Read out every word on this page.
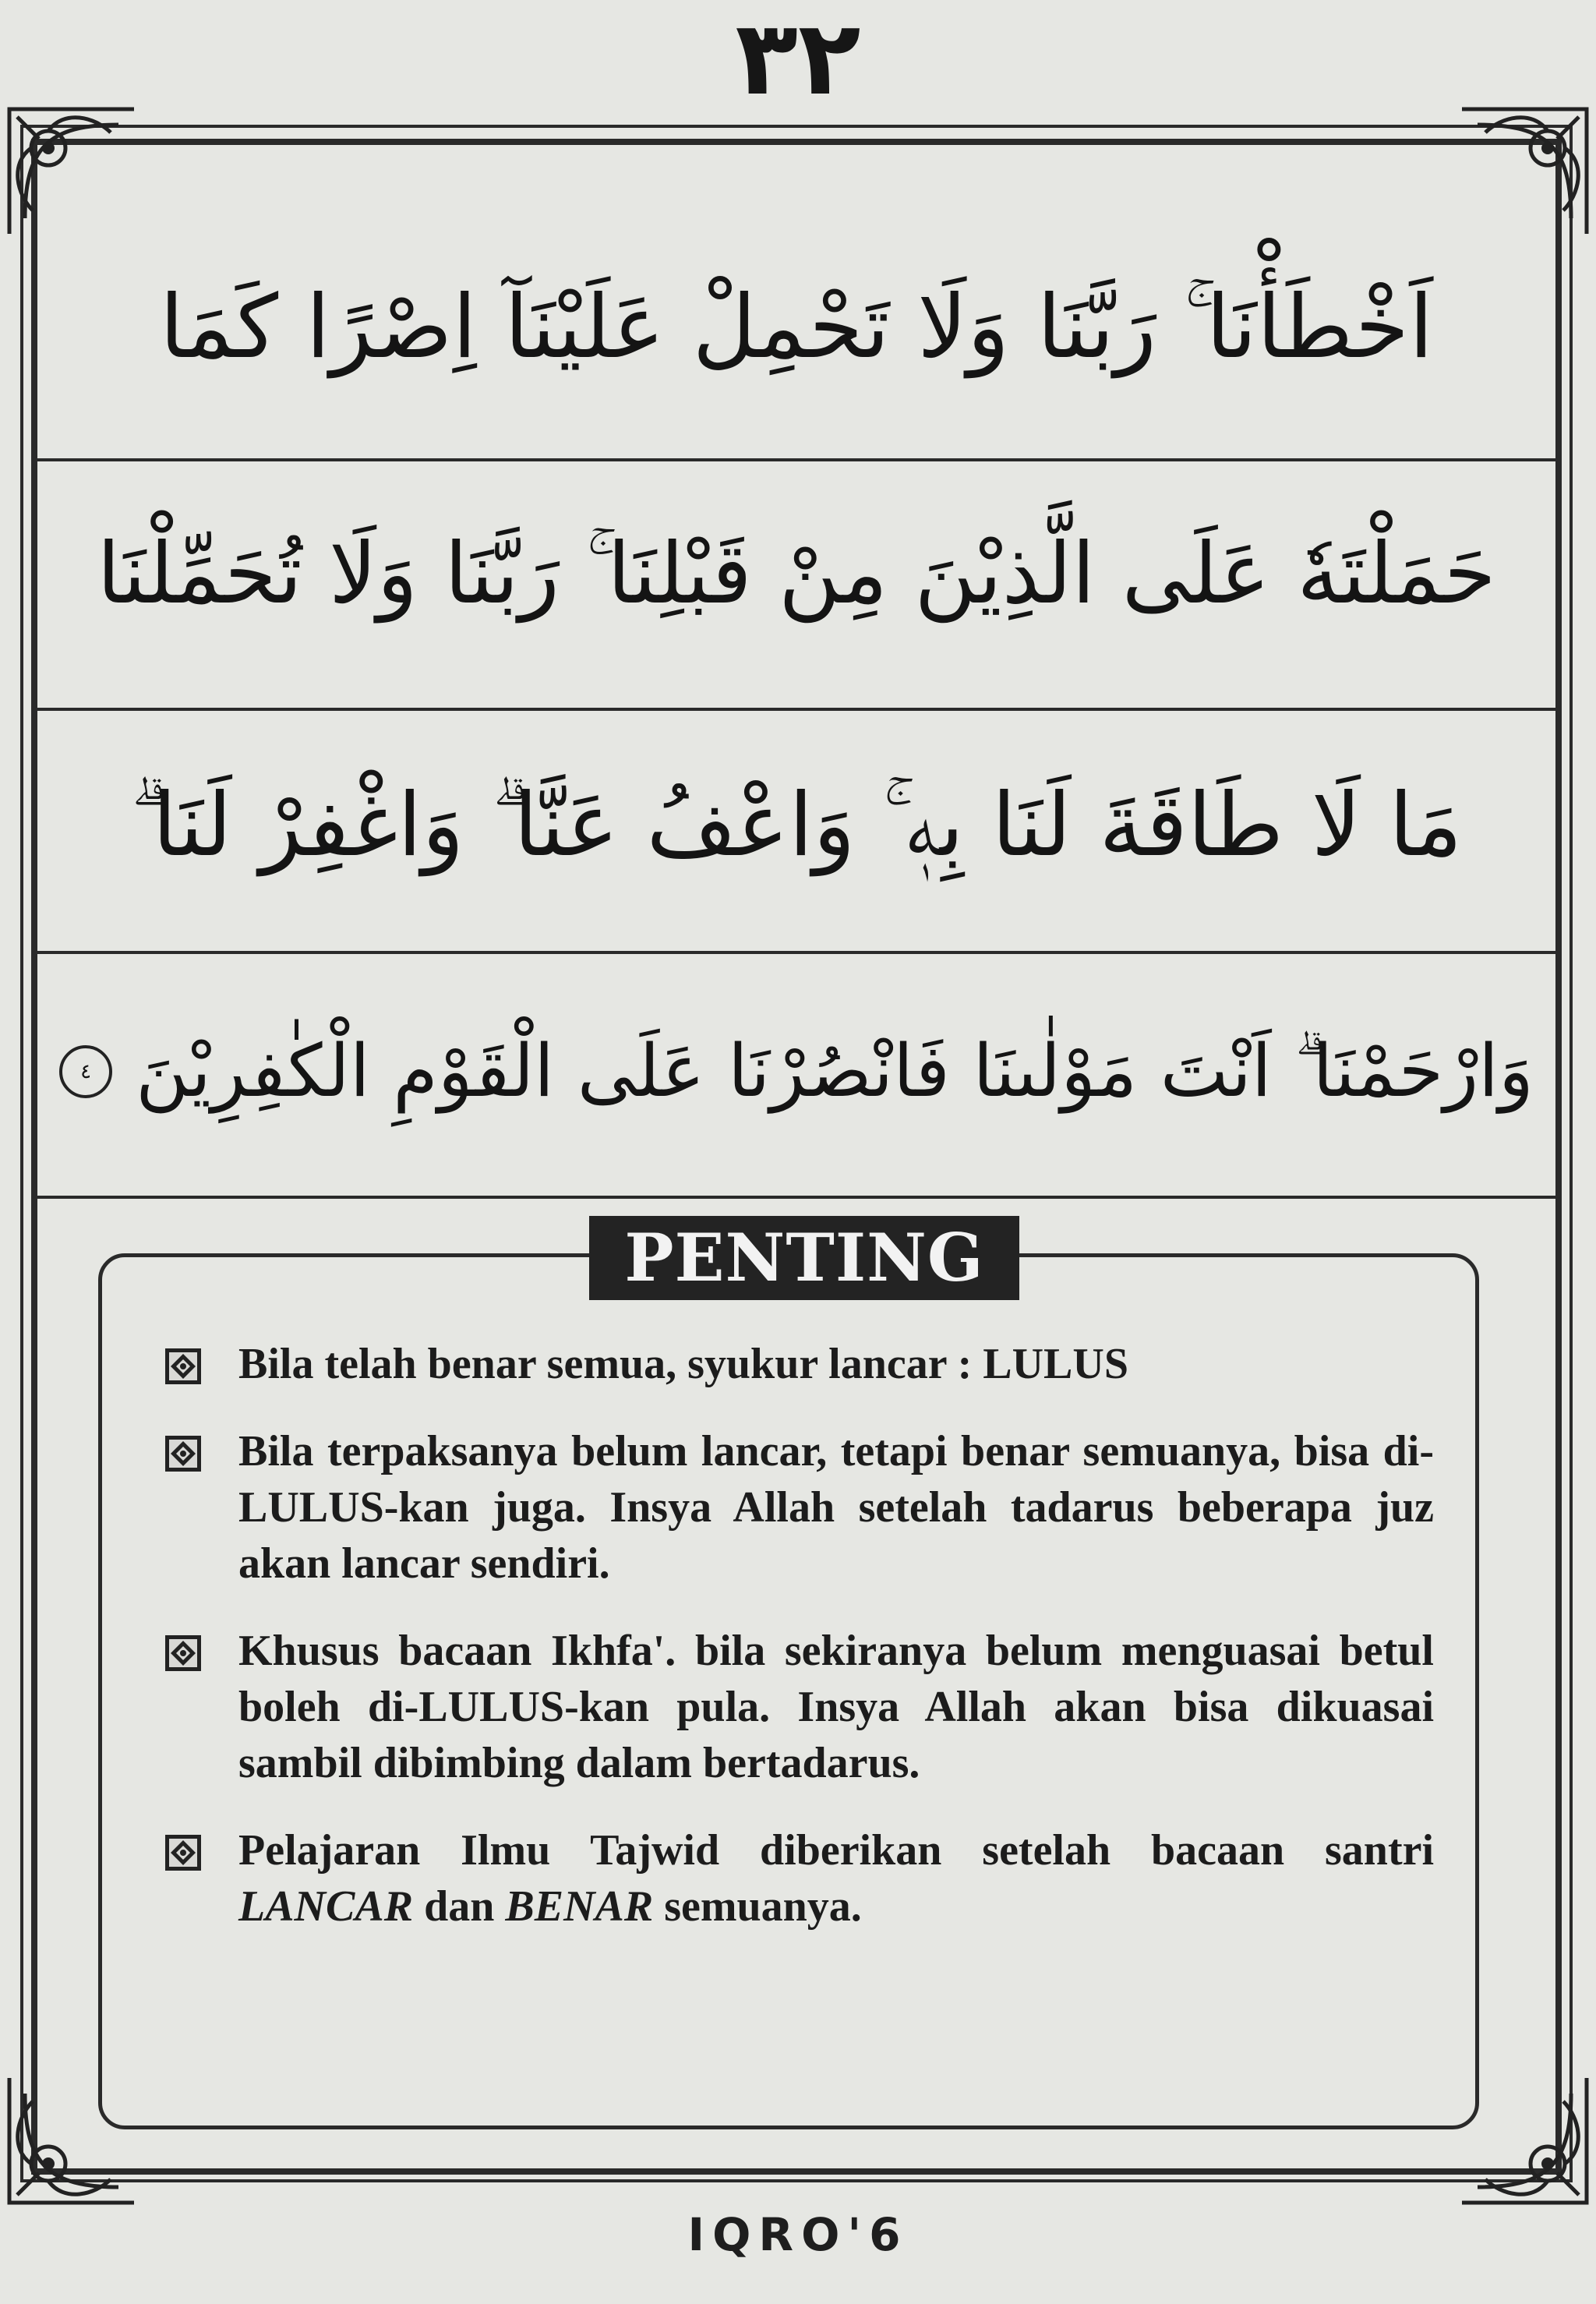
٣٢
اَخْطَأْنَا ۚ رَبَّنَا وَلَا تَحْمِلْ عَلَيْنَآ اِصْرًا كَمَا
حَمَلْتَهٗ عَلَى الَّذِيْنَ مِنْ قَبْلِنَا ۚ رَبَّنَا وَلَا تُحَمِّلْنَا
مَا لَا طَاقَةَ لَنَا بِهٖ ۚ وَاعْفُ عَنَّا ۗ وَاغْفِرْ لَنَا ۗ
وَارْحَمْنَا ۗ اَنْتَ مَوْلٰىنَا فَانْصُرْنَا عَلَى الْقَوْمِ الْكٰفِرِيْنَ
٤
PENTING
Bila telah benar semua, syukur lancar : LULUS
Bila terpaksanya belum lancar, tetapi benar semuanya, bisa di-LULUS-kan juga. Insya Allah setelah tadarus beberapa juz akan lancar sendiri.
Khusus bacaan Ikhfa'. bila sekiranya belum menguasai betul boleh di-LULUS-kan pula. Insya Allah akan bisa dikuasai sambil dibimbing dalam bertadarus.
Pelajaran Ilmu Tajwid diberikan setelah bacaan santri LANCAR dan BENAR semuanya.
IQRO'6
